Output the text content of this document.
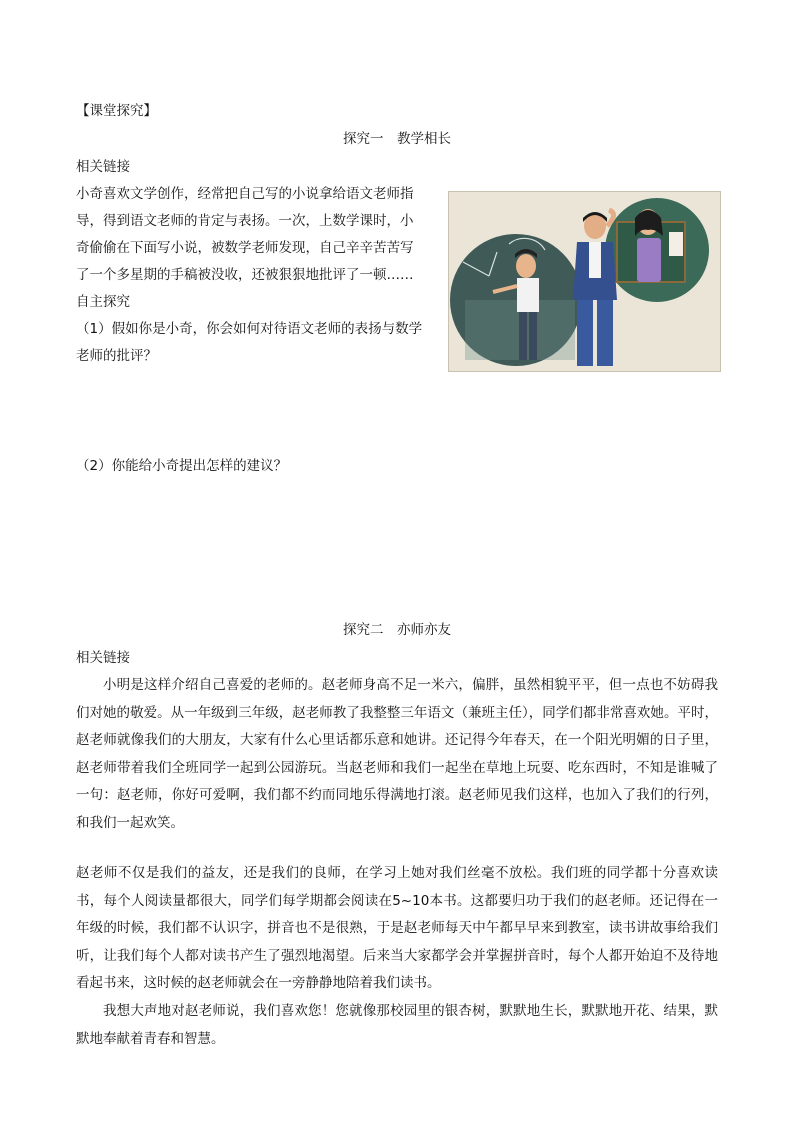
【课堂探究】
探究一　教学相长
相关链接
小奇喜欢文学创作，经常把自己写的小说拿给语文老师指
导，得到语文老师的肯定与表扬。一次，上数学课时，小
奇偷偷在下面写小说，被数学老师发现，自己辛辛苦苦写
了一个多星期的手稿被没收，还被狠狠地批评了一顿……
自主探究
（1）假如你是小奇，你会如何对待语文老师的表扬与数学
老师的批评？
（2）你能给小奇提出怎样的建议？
探究二　亦师亦友
相关链接
小明是这样介绍自己喜爱的老师的。赵老师身高不足一米六，偏胖，虽然相貌平平，但一点也不妨碍我们对她的敬爱。从一年级到三年级，赵老师教了我整整三年语文（兼班主任），同学们都非常喜欢她。平时，赵老师就像我们的大朋友，大家有什么心里话都乐意和她讲。还记得今年春天，在一个阳光明媚的日子里，赵老师带着我们全班同学一起到公园游玩。当赵老师和我们一起坐在草地上玩耍、吃东西时，不知是谁喊了一句：赵老师，你好可爱啊，我们都不约而同地乐得满地打滚。赵老师见我们这样，也加入了我们的行列，和我们一起欢笑。
赵老师不仅是我们的益友，还是我们的良师，在学习上她对我们丝毫不放松。我们班的同学都十分喜欢读书，每个人阅读量都很大，同学们每学期都会阅读在5~10本书。这都要归功于我们的赵老师。还记得在一年级的时候，我们都不认识字，拼音也不是很熟，于是赵老师每天中午都早早来到教室，读书讲故事给我们听，让我们每个人都对读书产生了强烈地渴望。后来当大家都学会并掌握拼音时，每个人都开始迫不及待地看起书来，这时候的赵老师就会在一旁静静地陪着我们读书。
我想大声地对赵老师说，我们喜欢您！您就像那校园里的银杏树，默默地生长，默默地开花、结果，默默地奉献着青春和智慧。
